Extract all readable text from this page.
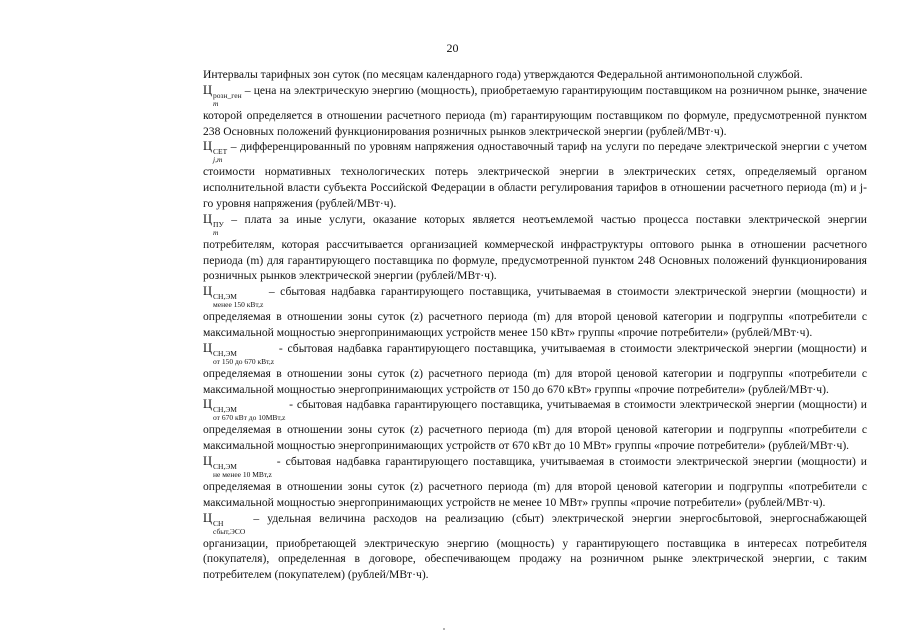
20

Интервалы тарифных зон суток (по месяцам календарного года) утверждаются Федеральной антимонопольной службой.

Ц розн_ген
m
– цена на электрическую энергию (мощность), приобретаемую гарантирующим поставщиком на розничном рынке, значение которой определяется в отношении расчетного периода (m) гарантирующим поставщиком по формуле, предусмотренной пунктом 238 Основных положений функционирования розничных рынков электрической энергии (рублей/МВт·ч).

Ц СЕТ
j,m
– дифференцированный по уровням напряжения одноставочный тариф на услуги по передаче электрической энергии с учетом стоимости нормативных технологических потерь электрической энергии в электрических сетях, определяемый органом исполнительной власти субъекта Российской Федерации в области регулирования тарифов в отношении расчетного периода (m) и j-го уровня напряжения (рублей/МВт·ч).

Ц ПУ
m
– плата за иные услуги, оказание которых является неотъемлемой частью процесса поставки электрической энергии потребителям, которая рассчитывается организацией коммерческой инфраструктуры оптового рынка в отношении расчетного периода (m) для гарантирующего поставщика по формуле, предусмотренной пунктом 248 Основных положений функционирования розничных рынков электрической энергии (рублей/МВт·ч).

Ц СН,ЭМ
менее 150 кВт,z
– сбытовая надбавка гарантирующего поставщика, учитываемая в стоимости электрической энергии (мощности) и определяемая в отношении зоны суток (z) расчетного периода (m) для второй ценовой категории и подгруппы «потребители с максимальной мощностью энергопринимающих устройств менее 150 кВт» группы «прочие потребители» (рублей/МВт·ч).

Ц СН,ЭМ
от 150 до 670 кВт,z
- сбытовая надбавка гарантирующего поставщика, учитываемая в стоимости электрической энергии (мощности) и определяемая в отношении зоны суток (z) расчетного периода (m) для второй ценовой категории и подгруппы «потребители с максимальной мощностью энергопринимающих устройств от 150 до 670 кВт» группы «прочие потребители» (рублей/МВт·ч).

Ц СН,ЭМ
от 670 кВт до 10МВт,z
- сбытовая надбавка гарантирующего поставщика, учитываемая в стоимости электрической энергии (мощности) и определяемая в отношении зоны суток (z) расчетного периода (m) для второй ценовой категории и подгруппы «потребители с максимальной мощностью энергопринимающих устройств от 670 кВт до 10 МВт» группы «прочие потребители» (рублей/МВт·ч).

Ц СН,ЭМ
не менее 10 МВт,z
- сбытовая надбавка гарантирующего поставщика, учитываемая в стоимости электрической энергии (мощности) и определяемая в отношении зоны суток (z) расчетного периода (m) для второй ценовой категории и подгруппы «потребители с максимальной мощностью энергопринимающих устройств не менее 10 МВт» группы «прочие потребители» (рублей/МВт·ч).

Ц СН
сбыт,ЭСО
– удельная величина расходов на реализацию (сбыт) электрической энергии энергосбытовой, энергоснабжающей организации, приобретающей электрическую энергию (мощность) у гарантирующего поставщика в интересах потребителя (покупателя), определенная в договоре, обеспечивающем продажу на розничном рынке электрической энергии, с таким потребителем (покупателем) (рублей/МВт·ч).
